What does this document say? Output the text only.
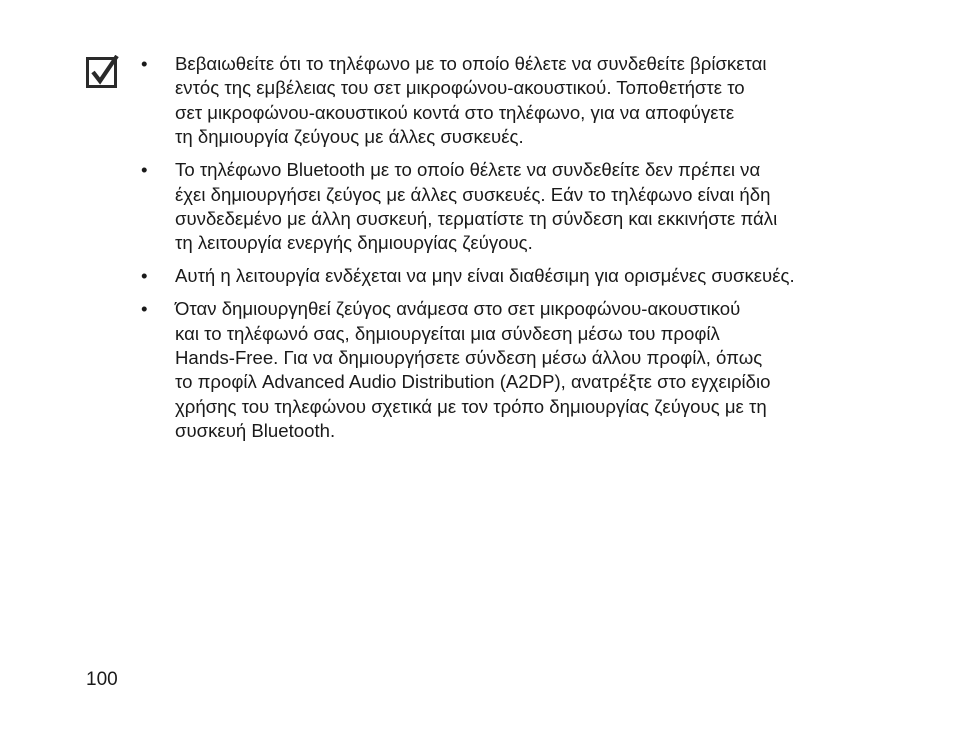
• Βεβαιωθείτε ότι το τηλέφωνο με το οποίο θέλετε να συνδεθείτε βρίσκεται
εντός της εμβέλειας του σετ μικροφώνου-ακουστικού. Τοποθετήστε το
σετ μικροφώνου-ακουστικού κοντά στο τηλέφωνο, για να αποφύγετε
τη δημιουργία ζεύγους με άλλες συσκευές.
• Το τηλέφωνο Bluetooth με το οποίο θέλετε να συνδεθείτε δεν πρέπει να
έχει δημιουργήσει ζεύγος με άλλες συσκευές. Εάν το τηλέφωνο είναι ήδη
συνδεδεμένο με άλλη συσκευή, τερματίστε τη σύνδεση και εκκινήστε πάλι
τη λειτουργία ενεργής δημιουργίας ζεύγους.
• Αυτή η λειτουργία ενδέχεται να μην είναι διαθέσιμη για ορισμένες συσκευές.
• Όταν δημιουργηθεί ζεύγος ανάμεσα στο σετ μικροφώνου-ακουστικού
και το τηλέφωνό σας, δημιουργείται μια σύνδεση μέσω του προφίλ
Hands-Free. Για να δημιουργήσετε σύνδεση μέσω άλλου προφίλ, όπως
το προφίλ Advanced Audio Distribution (A2DP), ανατρέξτε στο εγχειρίδιο
χρήσης του τηλεφώνου σχετικά με τον τρόπο δημιουργίας ζεύγους με τη
συσκευή Bluetooth.
100
